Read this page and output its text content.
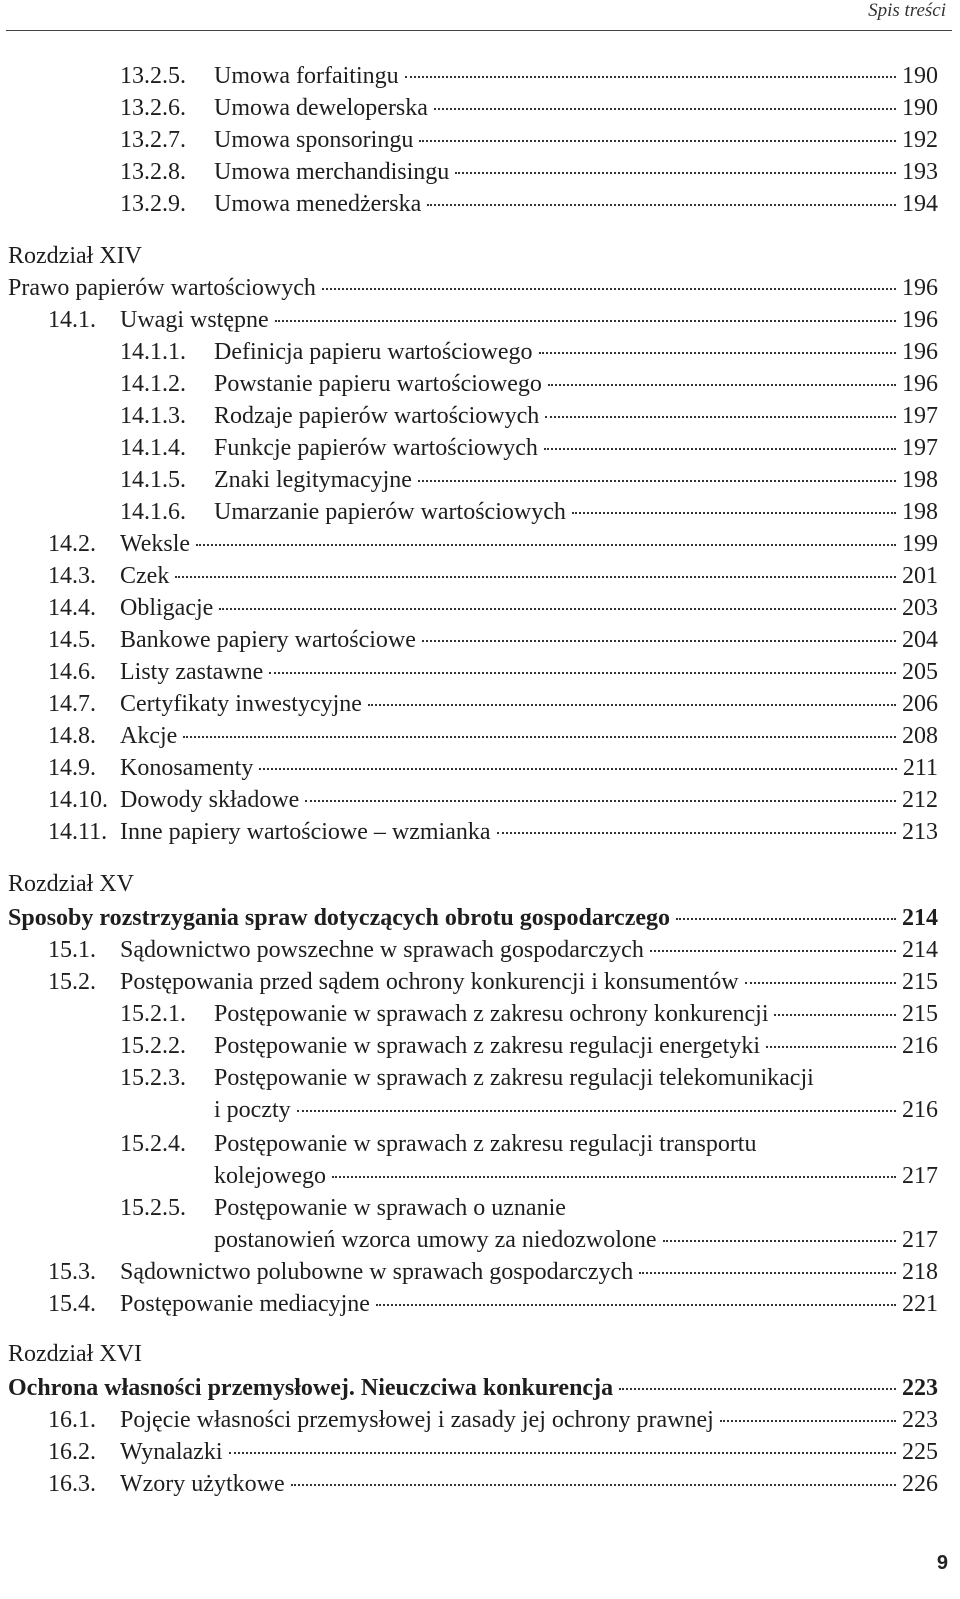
Spis treści
13.2.5.	Umowa forfaitingu	190
13.2.6.	Umowa deweloperska	190
13.2.7.	Umowa sponsoringu	192
13.2.8.	Umowa merchandisingu	193
13.2.9.	Umowa menedżerska	194
Rozdział XIV
Prawo papierów wartościowych	196
14.1.	Uwagi wstępne	196
14.1.1.	Definicja papieru wartościowego	196
14.1.2.	Powstanie papieru wartościowego	196
14.1.3.	Rodzaje papierów wartościowych	197
14.1.4.	Funkcje papierów wartościowych	197
14.1.5.	Znaki legitymacyjne	198
14.1.6.	Umarzanie papierów wartościowych	198
14.2.	Weksle	199
14.3.	Czek	201
14.4.	Obligacje	203
14.5.	Bankowe papiery wartościowe	204
14.6.	Listy zastawne	205
14.7.	Certyfikaty inwestycyjne	206
14.8.	Akcje	208
14.9.	Konosamenty	211
14.10. Dowody składowe	212
14.11. Inne papiery wartościowe – wzmianka	213
Rozdział XV
Sposoby rozstrzygania spraw dotyczących obrotu gospodarczego	214
15.1.	Sądownictwo powszechne w sprawach gospodarczych	214
15.2.	Postępowania przed sądem ochrony konkurencji i konsumentów	215
15.2.1.	Postępowanie w sprawach z zakresu ochrony konkurencji	215
15.2.2.	Postępowanie w sprawach z zakresu regulacji energetyki	216
15.2.3.	Postępowanie w sprawach z zakresu regulacji telekomunikacji
i poczty	216
15.2.4.	Postępowanie w sprawach z zakresu regulacji transportu
kolejowego	217
15.2.5.	Postępowanie w sprawach o uznanie
postanowień wzorca umowy za niedozwolone	217
15.3.	Sądownictwo polubowne w sprawach gospodarczych	218
15.4.	Postępowanie mediacyjne	221
Rozdział XVI
Ochrona własności przemysłowej. Nieuczciwa konkurencja	223
16.1.	Pojęcie własności przemysłowej i zasady jej ochrony prawnej	223
16.2.	Wynalazki	225
16.3.	Wzory użytkowe	226
9
